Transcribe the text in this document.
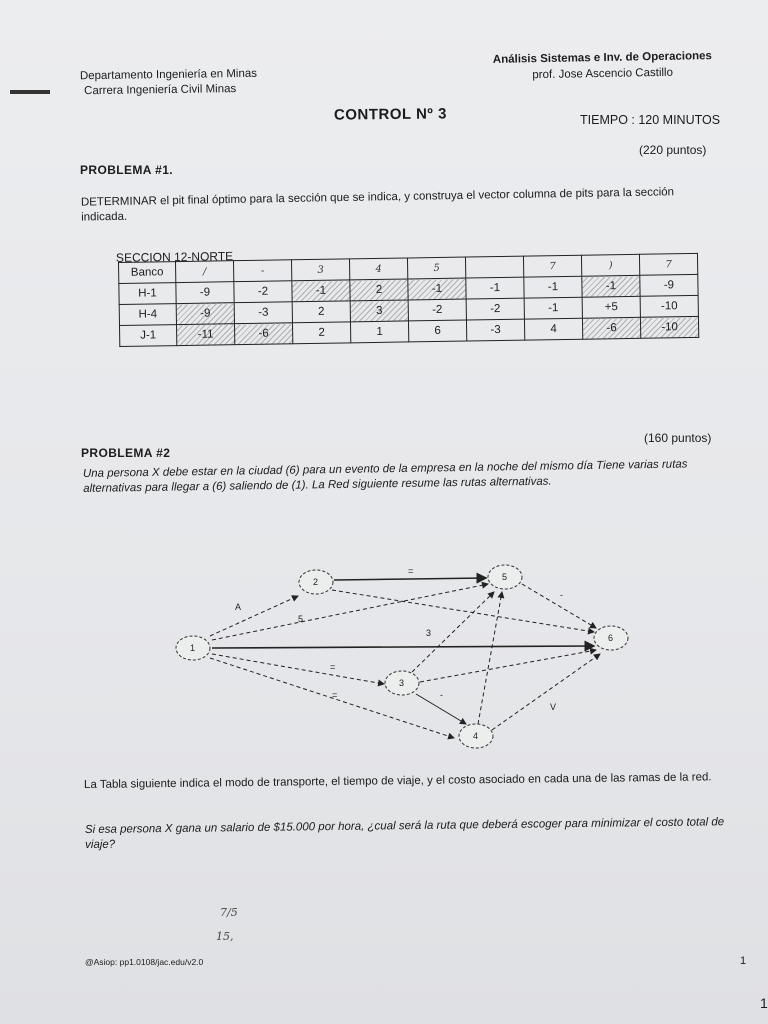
Departamento Ingeniería en Minas
Carrera Ingeniería Civil Minas
Análisis Sistemas e Inv. de Operaciones
prof. Jose Ascencio Castillo
CONTROL Nº 3	TIEMPO : 120 MINUTOS
(220 puntos)
PROBLEMA #1.
DETERMINAR el pit final óptimo para la sección que se indica, y construya el vector columna de pits para la sección indicada.
SECCION 12-NORTE
Banco	/	-	3	4	5		7	)	7
H-1	-9	-2	-1	2	-1	-1	-1	-1	-9
H-4	-9	-3	2	3	-2	-2	-1	+5	-10
J-1	-11	-6	2	1	6	-3	4	-6	-10
(160 puntos)
PROBLEMA #2
Una persona X debe estar en la ciudad (6) para un evento de la empresa en la noche del mismo día Tiene varias rutas alternativas para llegar a (6) saliendo de (1). La Red siguiente resume las rutas alternativas.
1
2
3
4
5
6
A
5
=
3
=
=	-
V
-
La Tabla siguiente indica el modo de transporte, el tiempo de viaje, y el costo asociado en cada una de las ramas de la red.
Si esa persona X gana un salario de $15.000 por hora, ¿cual será la ruta que deberá escoger para minimizar el costo total de viaje?
7/5
15,
@Asiop: pp1.0108/jac.edu/v2.0	1
1
